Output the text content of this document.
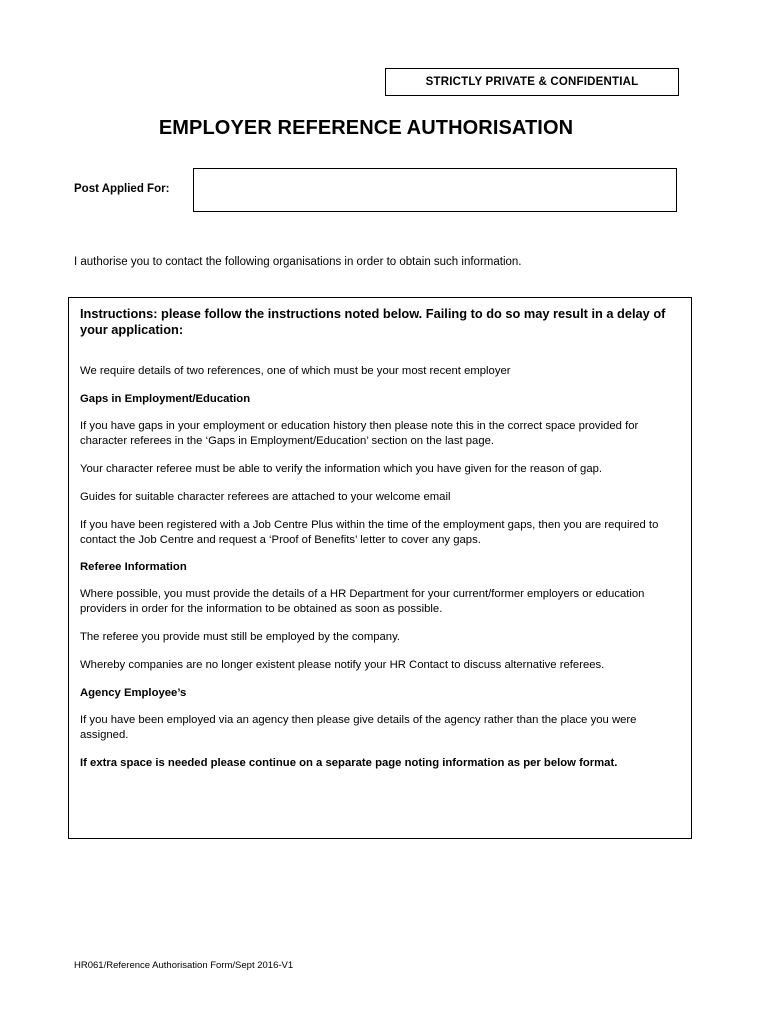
STRICTLY PRIVATE & CONFIDENTIAL
EMPLOYER REFERENCE AUTHORISATION
Post Applied For:
I authorise you to contact the following organisations in order to obtain such information.
Instructions: please follow the instructions noted below. Failing to do so may result in a delay of your application:
We require details of two references, one of which must be your most recent employer
Gaps in Employment/Education
If you have gaps in your employment or education history then please note this in the correct space provided for character referees in the ‘Gaps in Employment/Education’ section on the last page.
Your character referee must be able to verify the information which you have given for the reason of gap.
Guides for suitable character referees are attached to your welcome email
If you have been registered with a Job Centre Plus within the time of the employment gaps, then you are required to contact the Job Centre and request a ‘Proof of Benefits’ letter to cover any gaps.
Referee Information
Where possible, you must provide the details of a HR Department for your current/former employers or education providers in order for the information to be obtained as soon as possible.
The referee you provide must still be employed by the company.
Whereby companies are no longer existent please notify your HR Contact to discuss alternative referees.
Agency Employee’s
If you have been employed via an agency then please give details of the agency rather than the place you were assigned.
If extra space is needed please continue on a separate page noting information as per below format.
HR061/Reference Authorisation Form/Sept 2016-V1
